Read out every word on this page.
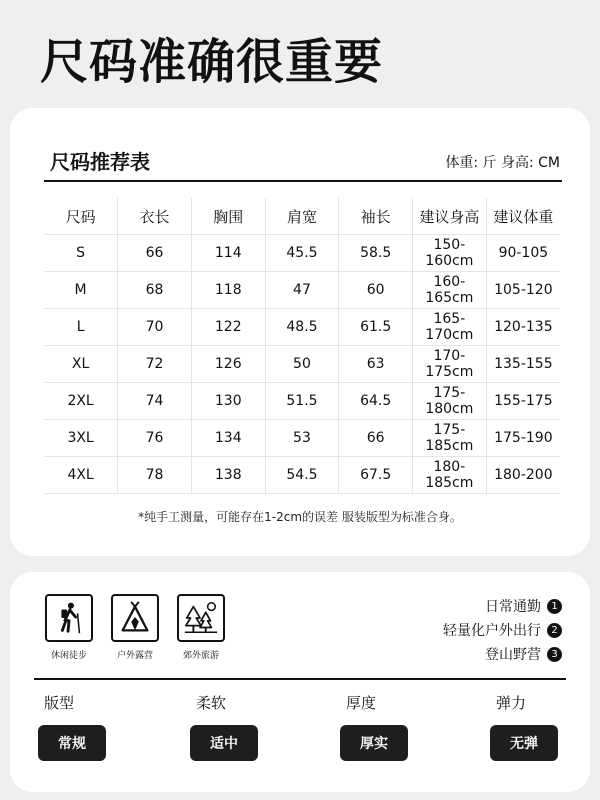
尺码准确很重要
尺码推荐表	体重: 斤 身高: CM
尺码	衣长	胸围	肩宽	袖长	建议身高	建议体重
S	66	114	45.5	58.5	150-160cm	90-105
M	68	118	47	60	160-165cm	105-120
L	70	122	48.5	61.5	165-170cm	120-135
XL	72	126	50	63	170-175cm	135-155
2XL	74	130	51.5	64.5	175-180cm	155-175
3XL	76	134	53	66	175-185cm	175-190
4XL	78	138	54.5	67.5	180-185cm	180-200
*纯手工测量，可能存在1-2cm的误差 服装版型为标准合身。
休闲徒步	户外露营	郊外旅游
日常通勤	1
轻量化户外出行	2
登山野营	3
版型
常规
柔软
适中
厚度
厚实
弹力
无弹
